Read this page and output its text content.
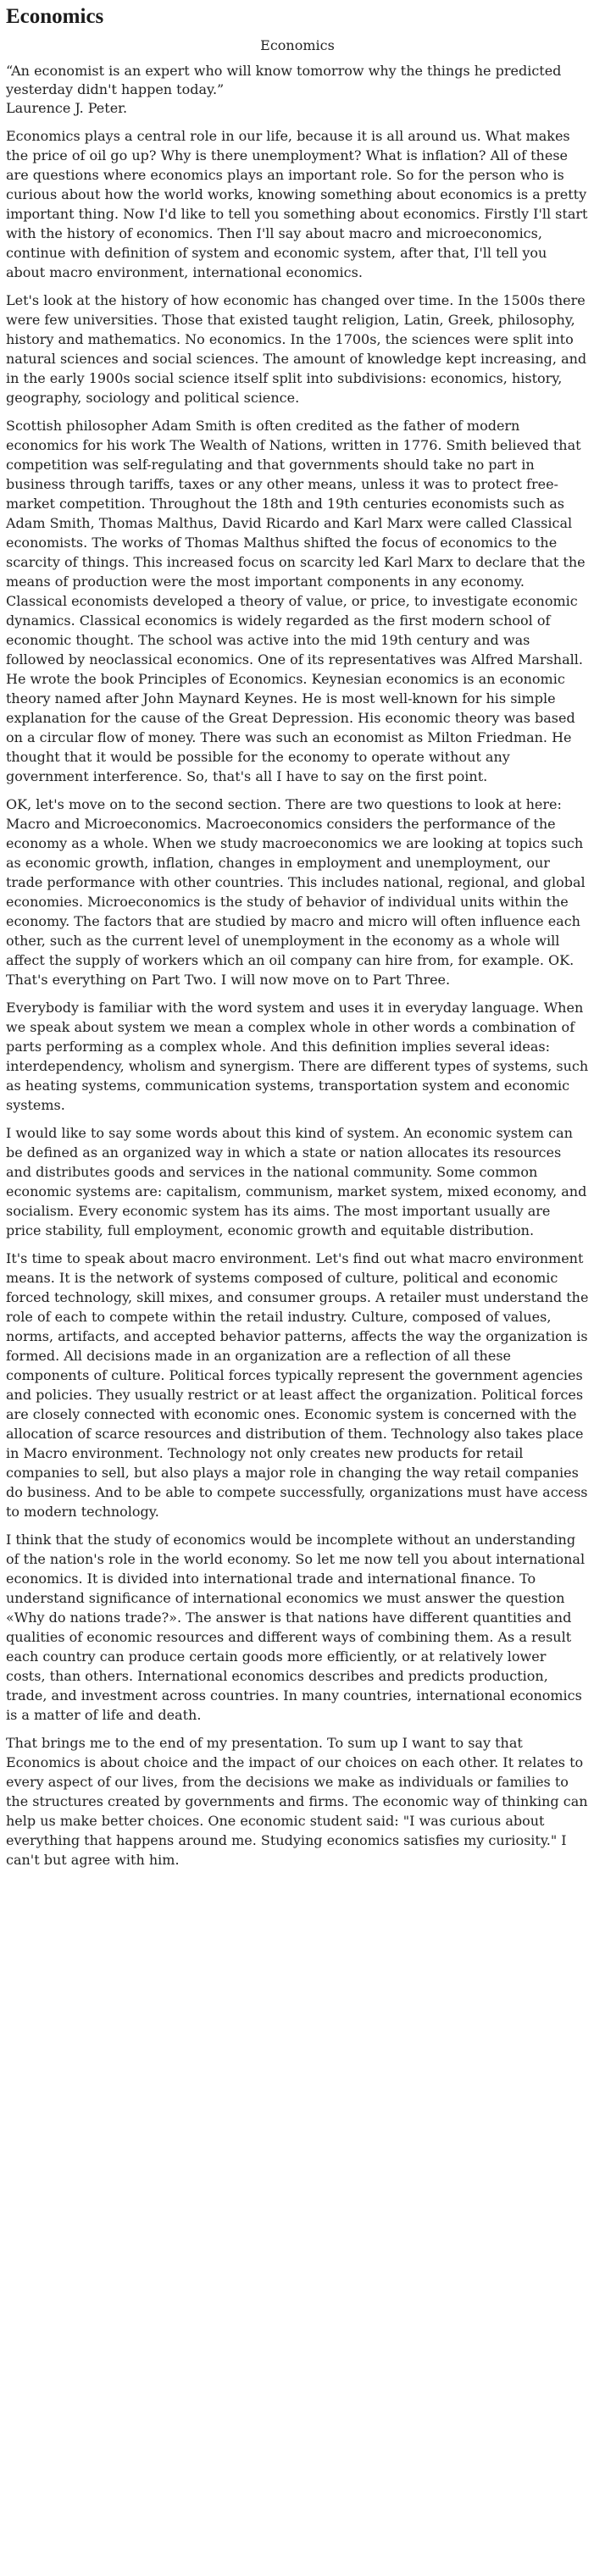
Economics
Economics

“An economist is an expert who will know tomorrow why the things he predicted yesterday didn't happen today.”

Laurence J. Peter.

Economics plays a central role in our life, because it is all around us. What makes the price of oil go up? Why is there unemployment? What is inflation? All of these are questions where economics plays an important role. So for the person who is curious about how the world works, knowing something about economics is a pretty important thing. Now I'd like to tell you something about economics. Firstly I'll start with the history of economics. Then I'll say about macro and microeconomics, continue with definition of system and economic system, after that, I'll tell you about macro environment, international economics.

Let's look at the history of how economic has changed over time. In the 1500s there were few universities. Those that existed taught religion, Latin, Greek, philosophy, history and mathematics. No economics. In the 1700s, the sciences were split into natural sciences and social sciences. The amount of knowledge kept increasing, and in the early 1900s social science itself split into subdivisions: economics, history, geography, sociology and political science.

Scottish philosopher Adam Smith is often credited as the father of modern economics for his work The Wealth of Nations, written in 1776. Smith believed that competition was self-regulating and that governments should take no part in business through tariffs, taxes or any other means, unless it was to protect free-market competition. Throughout the 18th and 19th centuries economists such as Adam Smith, Thomas Malthus, David Ricardo and Karl Marx were called Classical economists. The works of Thomas Malthus shifted the focus of economics to the scarcity of things. This increased focus on scarcity led Karl Marx to declare that the means of production were the most important components in any economy. Classical economists developed a theory of value, or price, to investigate economic dynamics. Classical economics is widely regarded as the first modern school of economic thought. The school was active into the mid 19th century and was followed by neoclassical economics. One of its representatives was Alfred Marshall. He wrote the book Principles of Economics. Keynesian economics is an economic theory named after John Maynard Keynes. He is most well-known for his simple explanation for the cause of the Great Depression. His economic theory was based on a circular flow of money. There was such an economist as Milton Friedman. He thought that it would be possible for the economy to operate without any government interference. So, that's all I have to say on the first point.

OK, let's move on to the second section. There are two questions to look at here: Macro and Microeconomics. Macroeconomics considers the performance of the economy as a whole. When we study macroeconomics we are looking at topics such as economic growth, inflation, changes in employment and unemployment, our trade performance with other countries. This includes national, regional, and global economies. Microeconomics is the study of behavior of individual units within the economy. The factors that are studied by macro and micro will often influence each other, such as the current level of unemployment in the economy as a whole will affect the supply of workers which an oil company can hire from, for example. OK. That's everything on Part Two. I will now move on to Part Three.

Everybody is familiar with the word system and uses it in everyday language. When we speak about system we mean a complex whole in other words a combination of parts performing as a complex whole. And this definition implies several ideas: interdependency, wholism and synergism. There are different types of systems, such as heating systems, communication systems, transportation system and economic systems.

I would like to say some words about this kind of system. An economic system can be defined as an organized way in which a state or nation allocates its resources and distributes goods and services in the national community. Some common economic systems are: capitalism, communism, market system, mixed economy, and socialism. Every economic system has its aims. The most important usually are price stability, full employment, economic growth and equitable distribution.

It's time to speak about macro environment. Let's find out what macro environment means. It is the network of systems composed of culture, political and economic forced technology, skill mixes, and consumer groups. A retailer must understand the role of each to compete within the retail industry. Culture, composed of values, norms, artifacts, and accepted behavior patterns, affects the way the organization is formed. All decisions made in an organization are a reflection of all these components of culture. Political forces typically represent the government agencies and policies. They usually restrict or at least affect the organization. Political forces are closely connected with economic ones. Economic system is concerned with the allocation of scarce resources and distribution of them. Technology also takes place in Macro environment. Technology not only creates new products for retail companies to sell, but also plays a major role in changing the way retail companies do business. And to be able to compete successfully, organizations must have access to modern technology.

I think that the study of economics would be incomplete without an understanding of the nation's role in the world economy. So let me now tell you about international economics. It is divided into international trade and international finance. To understand significance of international economics we must answer the question «Why do nations trade?». The answer is that nations have different quantities and qualities of economic resources and different ways of combining them. As a result each country can produce certain goods more efficiently, or at relatively lower costs, than others. International economics describes and predicts production, trade, and investment across countries. In many countries, international economics is a matter of life and death.

That brings me to the end of my presentation. To sum up I want to say that Economics is about choice and the impact of our choices on each other. It relates to every aspect of our lives, from the decisions we make as individuals or families to the structures created by governments and firms. The economic way of thinking can help us make better choices. One economic student said: "I was curious about everything that happens around me. Studying economics satisfies my curiosity." I can't but agree with him.
